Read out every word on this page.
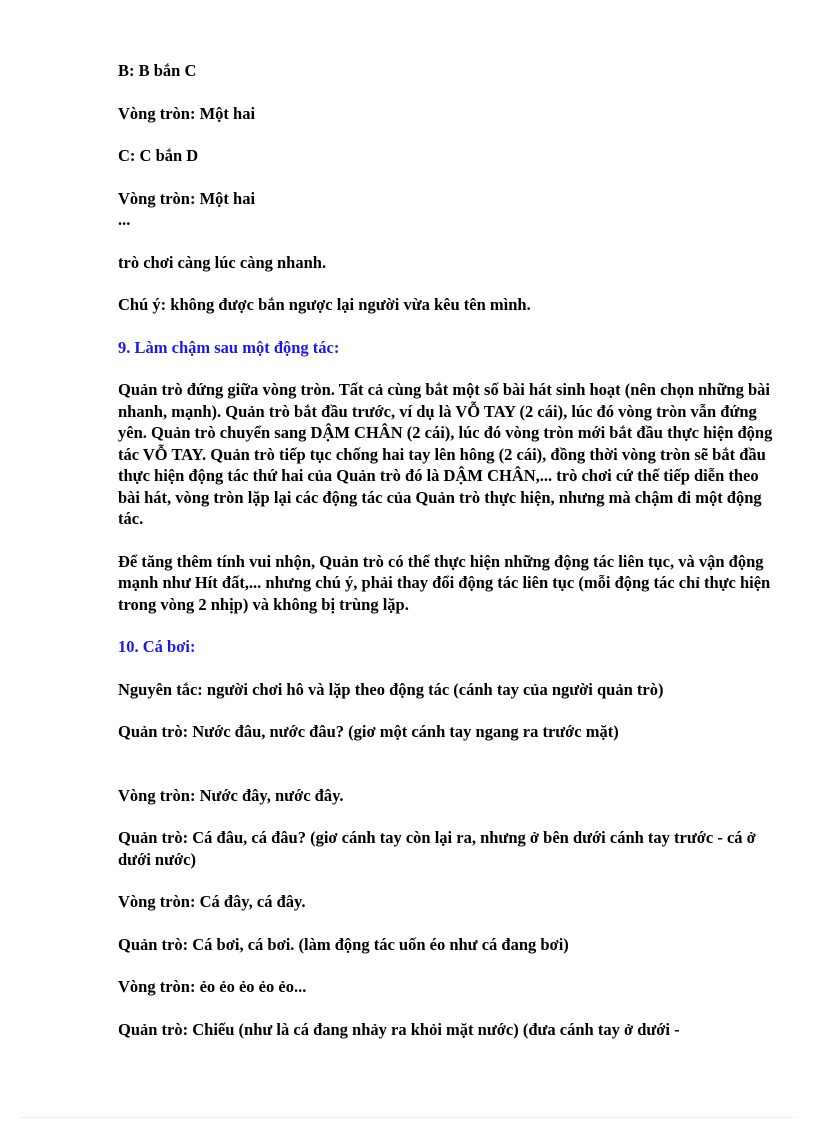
B: B bắn C

Vòng tròn: Một hai

C: C bắn D

Vòng tròn: Một hai

...

trò chơi càng lúc càng nhanh.

Chú ý: không được bắn ngược lại người vừa kêu tên mình.

9. Làm chậm sau một động tác:

Quản trò đứng giữa vòng tròn. Tất cả cùng bắt một số bài hát sinh hoạt (nên chọn những bài nhanh, mạnh). Quản trò bắt đầu trước, ví dụ là VỖ TAY (2 cái), lúc đó vòng tròn vẫn đứng yên. Quản trò chuyển sang DẬM CHÂN (2 cái), lúc đó vòng tròn mới bắt đầu thực hiện động tác VỖ TAY. Quản trò tiếp tục chống hai tay lên hông (2 cái), đồng thời vòng tròn sẽ bắt đầu thực hiện động tác thứ hai của Quản trò đó là DẬM CHÂN,... trò chơi cứ thế tiếp diễn theo bài hát, vòng tròn lặp lại các động tác của Quản trò thực hiện, nhưng mà chậm đi một động tác.

Để tăng thêm tính vui nhộn, Quản trò có thể thực hiện những động tác liên tục, và vận động mạnh như Hít đất,... nhưng chú ý, phải thay đổi động tác liên tục (mỗi động tác chỉ thực hiện trong vòng 2 nhịp) và không bị trùng lặp.

10. Cá bơi:

Nguyên tắc: người chơi hô và lặp theo động tác (cánh tay của người quản trò)

Quản trò: Nước đâu, nước đâu? (giơ một cánh tay ngang ra trước mặt)

Vòng tròn: Nước đây, nước đây.

Quản trò: Cá đâu, cá đâu? (giơ cánh tay còn lại ra, nhưng ở bên dưới cánh tay trước - cá ở dưới nước)

Vòng tròn: Cá đây, cá đây.

Quản trò: Cá bơi, cá bơi. (làm động tác uốn éo như cá đang bơi)

Vòng tròn: ẻo ẻo ẻo ẻo ẻo...

Quản trò: Chiếu (như là cá đang nhảy ra khỏi mặt nước) (đưa cánh tay ở dưới -
